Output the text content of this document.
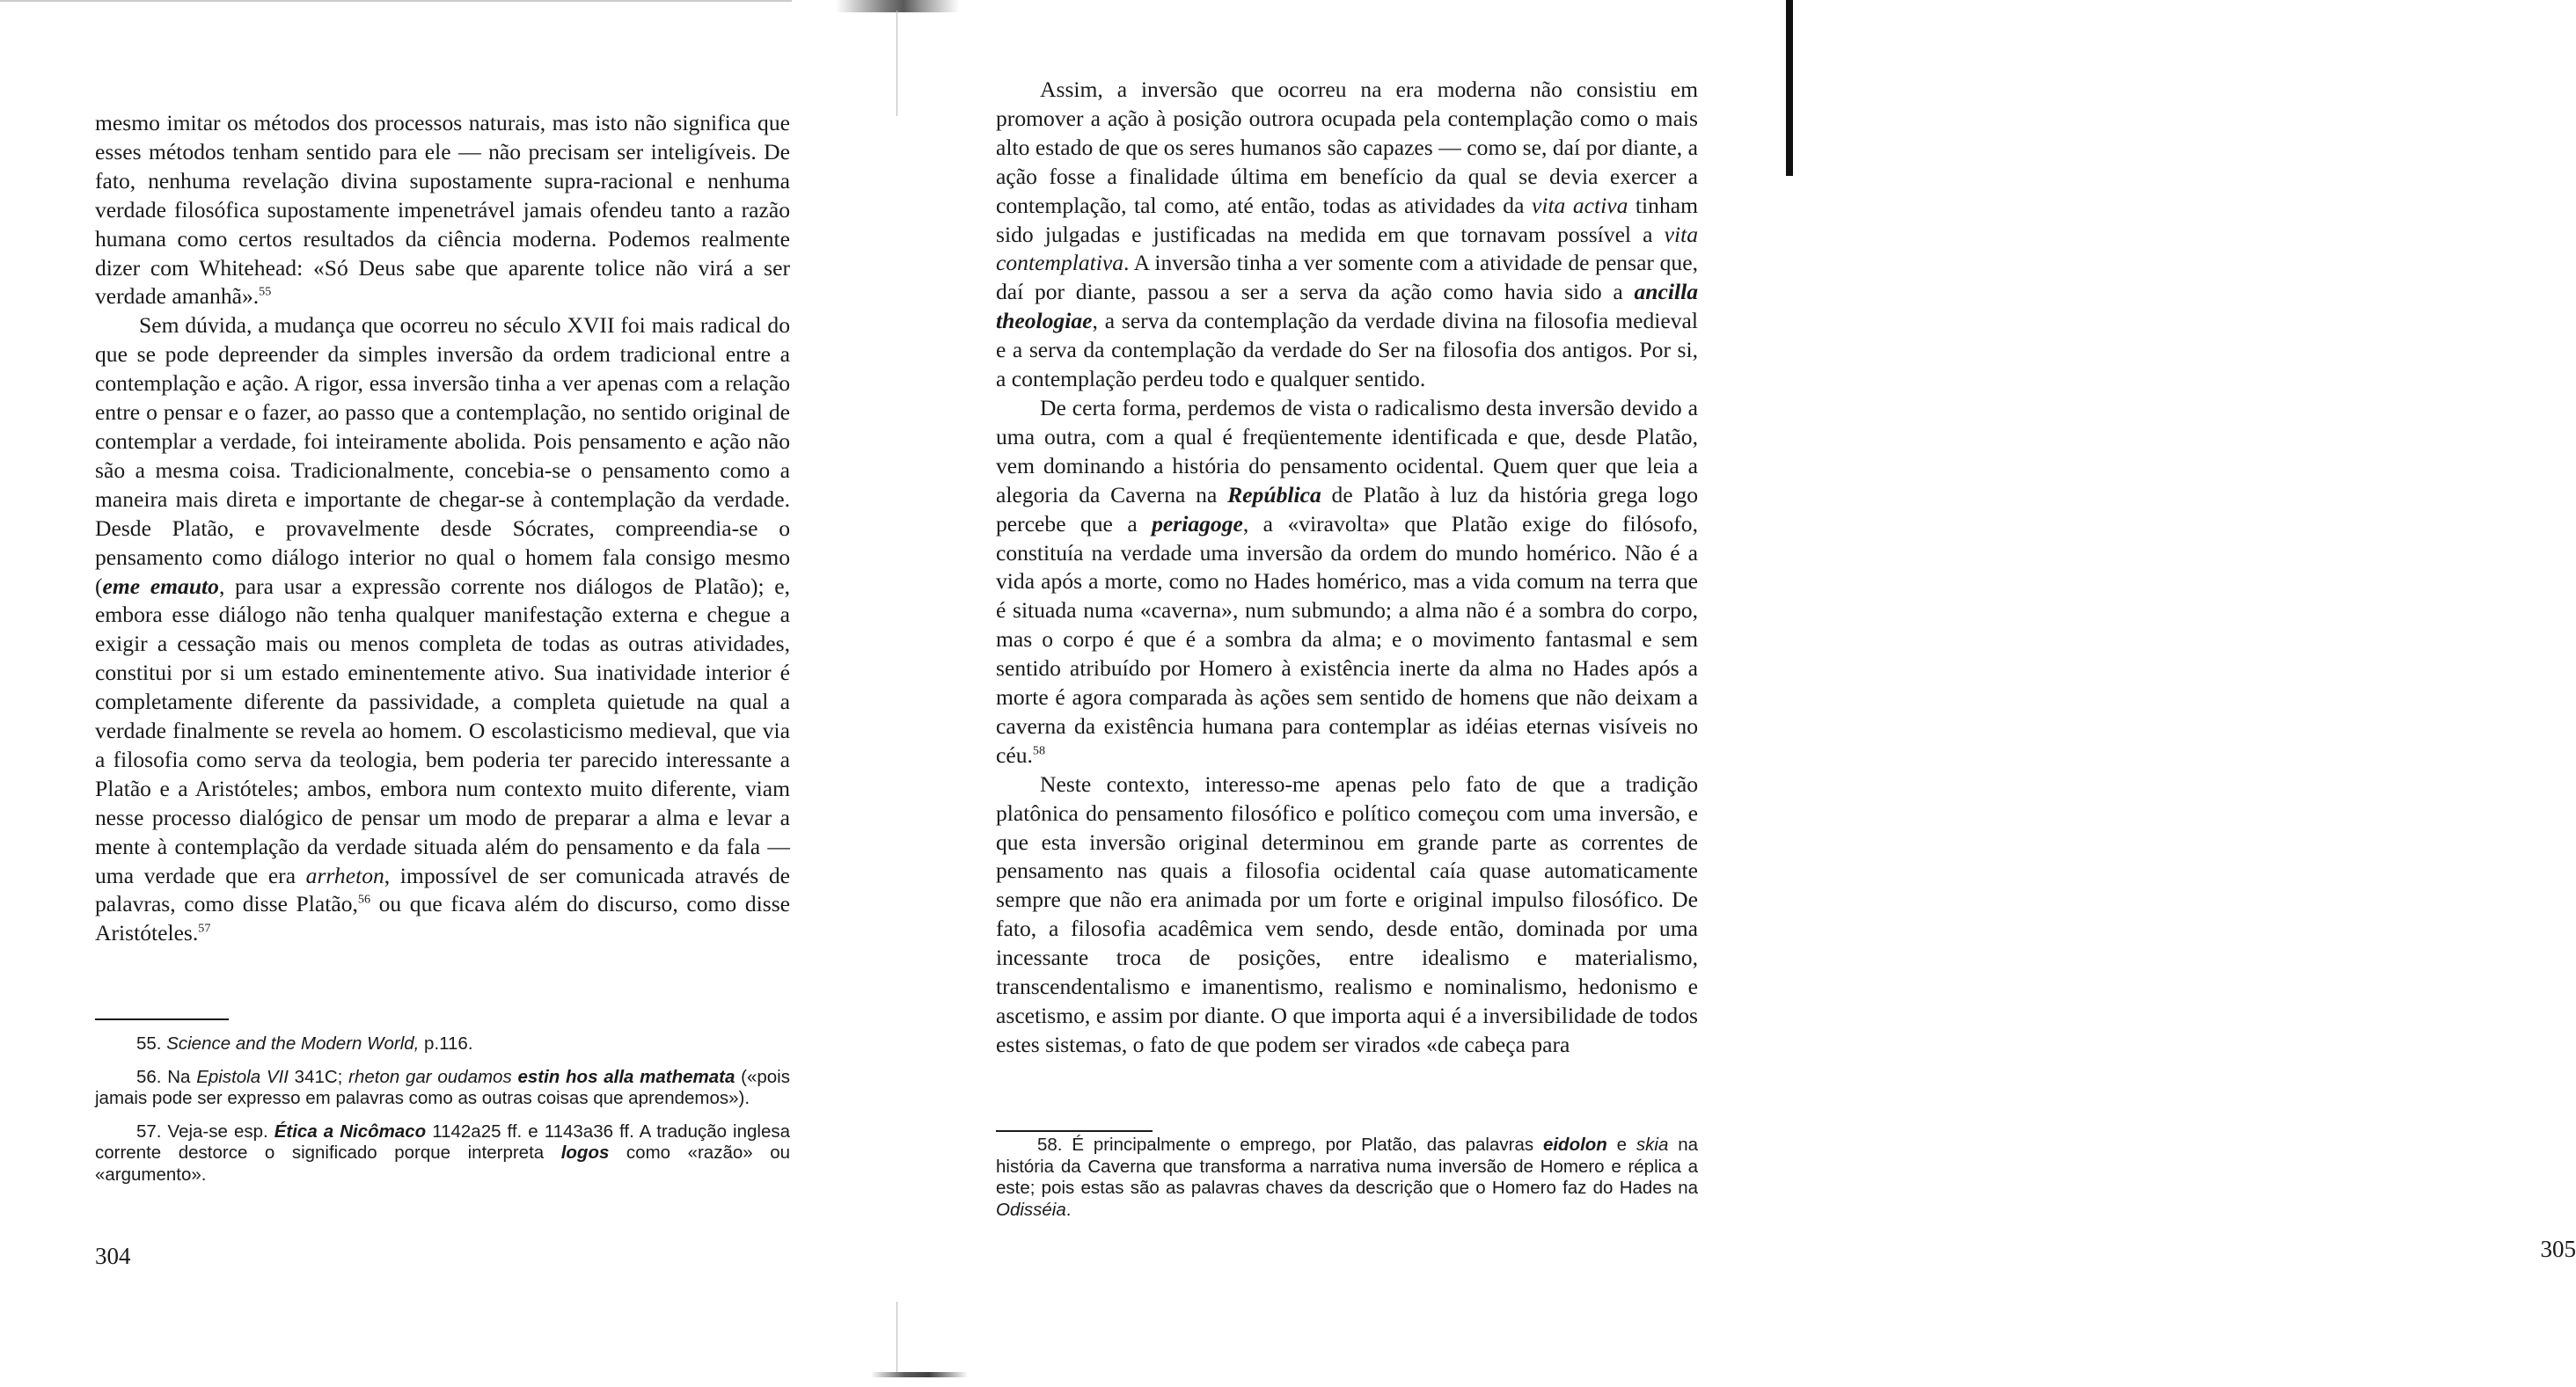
mesmo imitar os métodos dos processos naturais, mas isto não significa que esses métodos tenham sentido para ele — não precisam ser inteligíveis. De fato, nenhuma revelação divina supostamente supra-racional e nenhuma verdade filosófica supostamente impenetrável jamais ofendeu tanto a razão humana como certos resultados da ciência moderna. Podemos realmente dizer com Whitehead: «Só Deus sabe que aparente tolice não virá a ser verdade amanhã».$^{55}$

Sem dúvida, a mudança que ocorreu no século XVII foi mais radical do que se pode depreender da simples inversão da ordem tradicional entre a contemplação e ação. A rigor, essa inversão tinha a ver apenas com a relação entre o pensar e o fazer, ao passo que a contemplação, no sentido original de contemplar a verdade, foi inteiramente abolida. Pois pensamento e ação não são a mesma coisa. Tradicionalmente, concebia-se o pensamento como a maneira mais direta e importante de chegar-se à contemplação da verdade. Desde Platão, e provavelmente desde Sócrates, compreendia-se o pensamento como diálogo interior no qual o homem fala consigo mesmo (eme emauto, para usar a expressão corrente nos diálogos de Platão); e, embora esse diálogo não tenha qualquer manifestação externa e chegue a exigir a cessação mais ou menos completa de todas as outras atividades, constitui por si um estado eminentemente ativo. Sua inatividade interior é completamente diferente da passividade, a completa quietude na qual a verdade finalmente se revela ao homem. O escolasticismo medieval, que via a filosofia como serva da teologia, bem poderia ter parecido interessante a Platão e a Aristóteles; ambos, embora num contexto muito diferente, viam nesse processo dialógico de pensar um modo de preparar a alma e levar a mente à contemplação da verdade situada além do pensamento e da fala — uma verdade que era arrheton, impossível de ser comunicada através de palavras, como disse Platão,$^{56}$ ou que ficava além do discurso, como disse Aristóteles.$^{57}$

55. Science and the Modern World, p.116.

56. Na Epistola VII 341C; rheton gar oudamos estin hos alla mathemata («pois jamais pode ser expresso em palavras como as outras coisas que aprendemos»).

57. Veja-se esp. Ética a Nicômaco 1142a25 ff. e 1143a36 ff. A tradução inglesa corrente destorce o significado porque interpreta logos como «razão» ou «argumento».

304

Assim, a inversão que ocorreu na era moderna não consistiu em promover a ação à posição outrora ocupada pela contemplação como o mais alto estado de que os seres humanos são capazes — como se, daí por diante, a ação fosse a finalidade última em benefício da qual se devia exercer a contemplação, tal como, até então, todas as atividades da vita activa tinham sido julgadas e justificadas na medida em que tornavam possível a vita contemplativa. A inversão tinha a ver somente com a atividade de pensar que, daí por diante, passou a ser a serva da ação como havia sido a ancilla theologiae, a serva da contemplação da verdade divina na filosofia medieval e a serva da contemplação da verdade do Ser na filosofia dos antigos. Por si, a contemplação perdeu todo e qualquer sentido.

De certa forma, perdemos de vista o radicalismo desta inversão devido a uma outra, com a qual é freqüentemente identificada e que, desde Platão, vem dominando a história do pensamento ocidental. Quem quer que leia a alegoria da Caverna na República de Platão à luz da história grega logo percebe que a periagoge, a «viravolta» que Platão exige do filósofo, constituía na verdade uma inversão da ordem do mundo homérico. Não é a vida após a morte, como no Hades homérico, mas a vida comum na terra que é situada numa «caverna», num submundo; a alma não é a sombra do corpo, mas o corpo é que é a sombra da alma; e o movimento fantasmal e sem sentido atribuído por Homero à existência inerte da alma no Hades após a morte é agora comparada às ações sem sentido de homens que não deixam a caverna da existência humana para contemplar as idéias eternas visíveis no céu.$^{58}$

Neste contexto, interesso-me apenas pelo fato de que a tradição platônica do pensamento filosófico e político começou com uma inversão, e que esta inversão original determinou em grande parte as correntes de pensamento nas quais a filosofia ocidental caía quase automaticamente sempre que não era animada por um forte e original impulso filosófico. De fato, a filosofia acadêmica vem sendo, desde então, dominada por uma incessante troca de posições, entre idealismo e materialismo, transcendentalismo e imanentismo, realismo e nominalismo, hedonismo e ascetismo, e assim por diante. O que importa aqui é a inversibilidade de todos estes sistemas, o fato de que podem ser virados «de cabeça para

58. É principalmente o emprego, por Platão, das palavras eidolon e skia na história da Caverna que transforma a narrativa numa inversão de Homero e réplica a este; pois estas são as palavras chaves da descrição que o Homero faz do Hades na Odisséia.

305
